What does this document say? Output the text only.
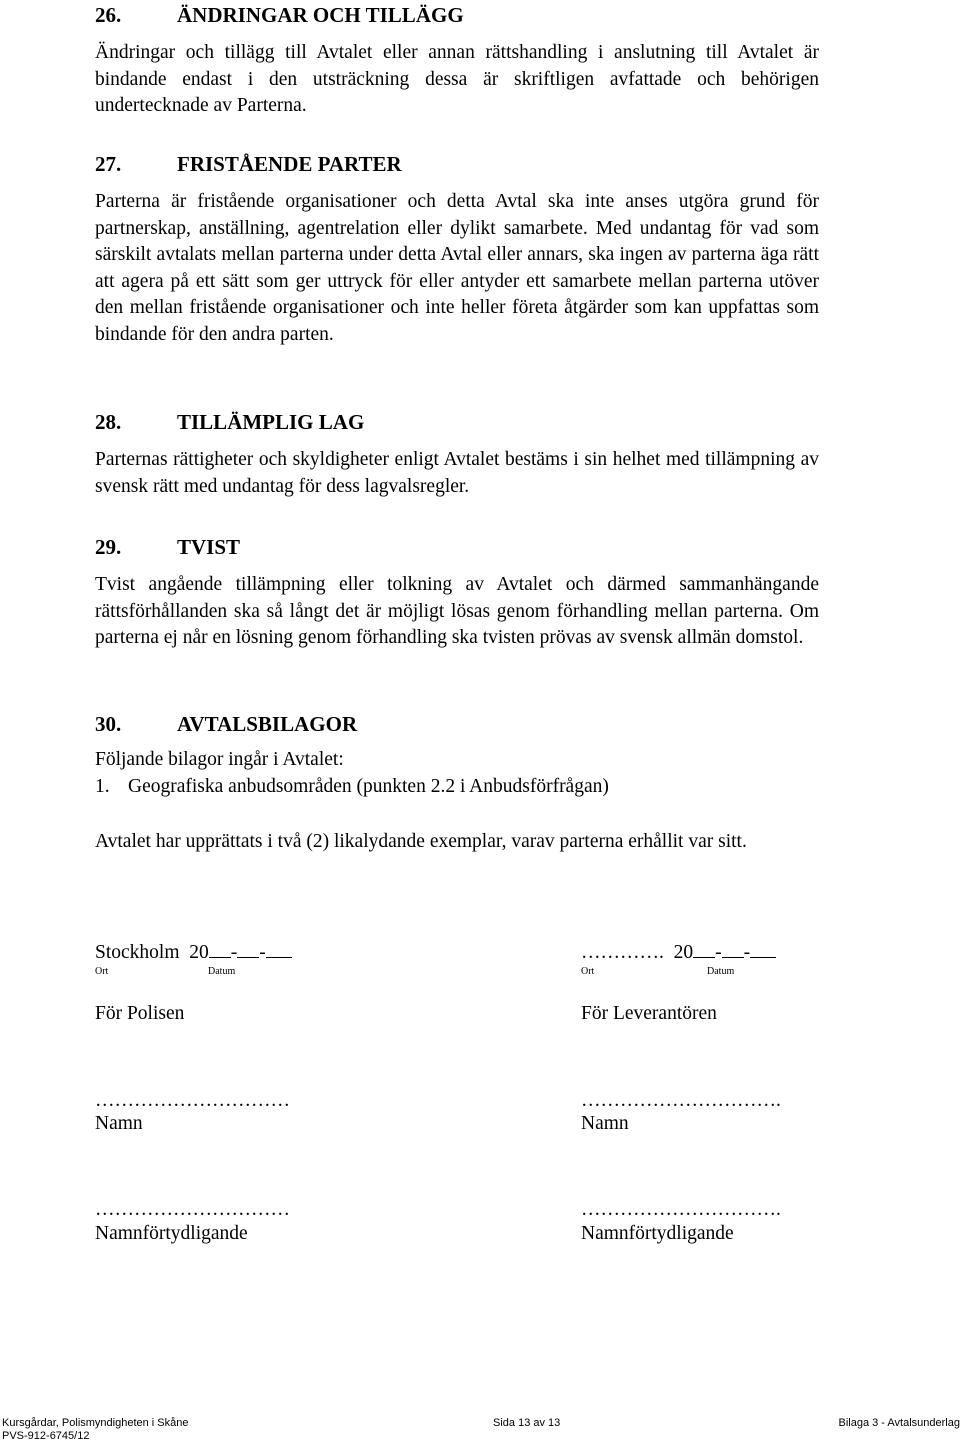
26.	ÄNDRINGAR OCH TILLÄGG

Ändringar och tillägg till Avtalet eller annan rättshandling i anslutning till Avtalet är bindande endast i den utsträckning dessa är skriftligen avfattade och behörigen undertecknade av Parterna.

27.	FRISTÅENDE PARTER

Parterna är fristående organisationer och detta Avtal ska inte anses utgöra grund för partnerskap, anställning, agentrelation eller dylikt samarbete. Med undantag för vad som särskilt avtalats mellan parterna under detta Avtal eller annars, ska ingen av parterna äga rätt att agera på ett sätt som ger uttryck för eller antyder ett samarbete mellan parterna utöver den mellan fristående organisationer och inte heller företa åtgärder som kan uppfattas som bindande för den andra parten.

28.	TILLÄMPLIG LAG

Parternas rättigheter och skyldigheter enligt Avtalet bestäms i sin helhet med tillämpning av svensk rätt med undantag för dess lagvalsregler.

29.	TVIST

Tvist angående tillämpning eller tolkning av Avtalet och därmed sammanhängande rättsförhållanden ska så långt det är möjligt lösas genom förhandling mellan parterna. Om parterna ej når en lösning genom förhandling ska tvisten prövas av svensk allmän domstol.

30.	AVTALSBILAGOR

Följande bilagor ingår i Avtalet:

1. Geografiska anbudsområden (punkten 2.2 i Anbudsförfrågan)

Avtalet har upprättats i två (2) likalydande exemplar, varav parterna erhållit var sitt.

Stockholm 20 - -
Ort	Datum
För Polisen
…………………………
Namn
…………………………
Namnförtydligande
…………. 20 - -
Ort	Datum
För Leverantören
………………………….
Namn
………………………….
Namnförtydligande
Kursgårdar, Polismyndigheten i Skåne
PVS-912-6745/12
Sida 13 av 13	Bilaga 3 - Avtalsunderlag
